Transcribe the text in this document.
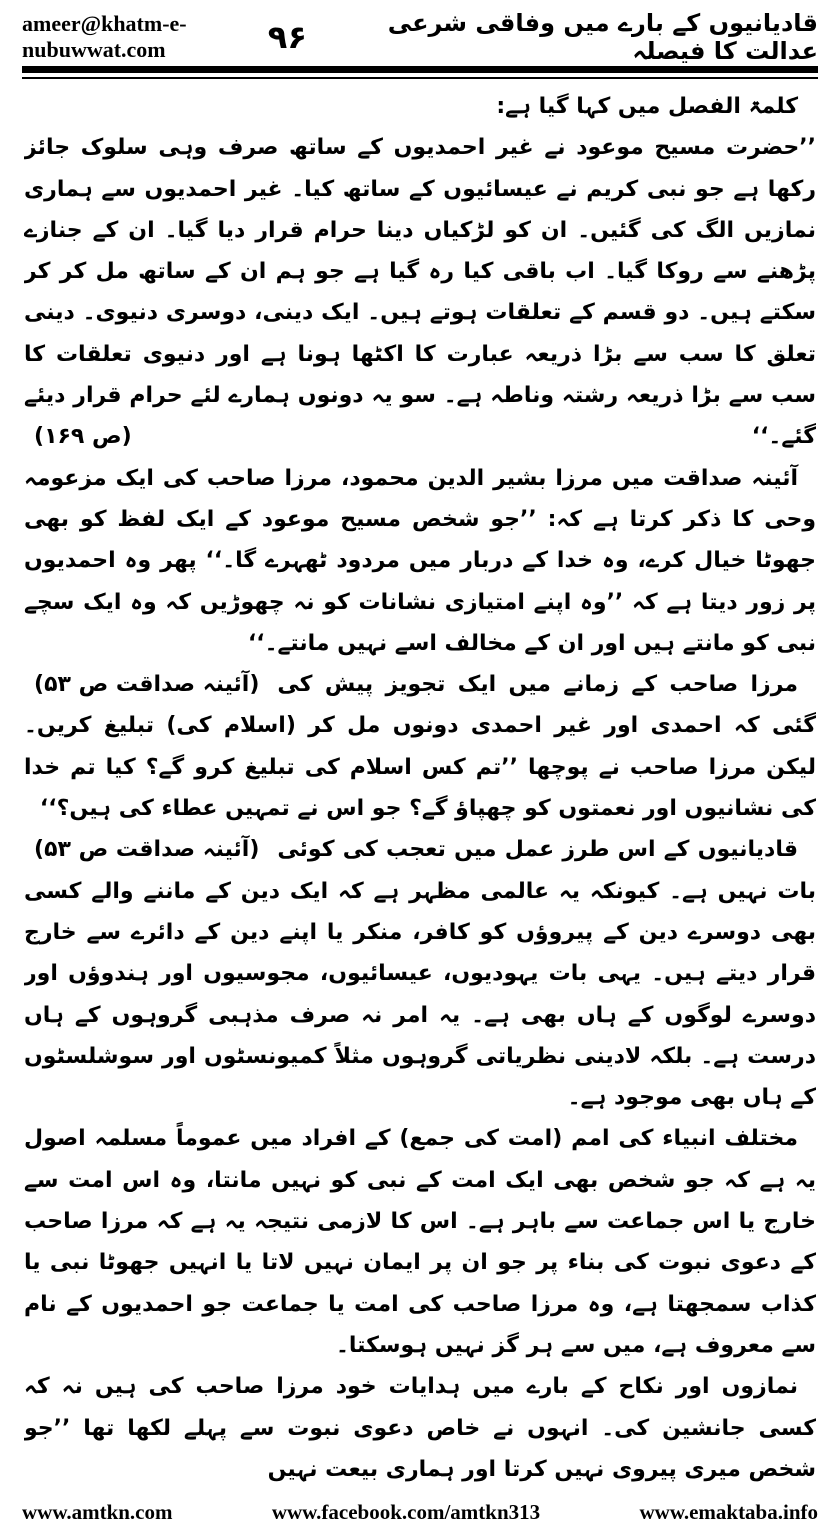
ameer@khatm-e-nubuwwat.com	۹۶	قادیانیوں کے بارے میں وفاقی شرعی عدالت کا فیصلہ

کلمۃ الفصل میں کہا گیا ہے:

’’حضرت مسیح موعود نے غیر احمدیوں کے ساتھ صرف وہی سلوک جائز رکھا ہے جو نبی کریم نے عیسائیوں کے ساتھ کیا۔ غیر احمدیوں سے ہماری نمازیں الگ کی گئیں۔ ان کو لڑکیاں دینا حرام قرار دیا گیا۔ ان کے جنازے پڑھنے سے روکا گیا۔ اب باقی کیا رہ گیا ہے جو ہم ان کے ساتھ مل کر کر سکتے ہیں۔ دو قسم کے تعلقات ہوتے ہیں۔ ایک دینی، دوسری دنیوی۔ دینی تعلق کا سب سے بڑا ذریعہ عبارت کا اکٹھا ہونا ہے اور دنیوی تعلقات کا سب سے بڑا ذریعہ رشتہ وناطہ ہے۔ سو یہ دونوں ہمارے لئے حرام قرار دیئے گئے۔‘‘
(ص ۱۶۹)

آئینہ صداقت میں مرزا بشیر الدین محمود، مرزا صاحب کی ایک مزعومہ وحی کا ذکر کرتا ہے کہ: ’’جو شخص مسیح موعود کے ایک لفظ کو بھی جھوٹا خیال کرے، وہ خدا کے دربار میں مردود ٹھہرے گا۔‘‘ پھر وہ احمدیوں پر زور دیتا ہے کہ ’’وہ اپنے امتیازی نشانات کو نہ چھوڑیں کہ وہ ایک سچے نبی کو مانتے ہیں اور ان کے مخالف اسے نہیں مانتے۔‘‘
(آئینہ صداقت ص ۵۳) مرزا صاحب کے زمانے میں ایک تجویز پیش کی گئی کہ احمدی اور غیر احمدی دونوں مل کر (اسلام کی) تبلیغ کریں۔ لیکن مرزا صاحب نے پوچھا ’’تم کس اسلام کی تبلیغ کرو گے؟ کیا تم خدا کی نشانیوں اور نعمتوں کو چھپاؤ گے؟ جو اس نے تمہیں عطاء کی ہیں؟‘‘
(آئینہ صداقت ص ۵۳) قادیانیوں کے اس طرز عمل میں تعجب کی کوئی بات نہیں ہے۔ کیونکہ یہ عالمی مظہر ہے کہ ایک دین کے ماننے والے کسی بھی دوسرے دین کے پیروؤں کو کافر، منکر یا اپنے دین کے دائرے سے خارج قرار دیتے ہیں۔ یہی بات یہودیوں، عیسائیوں، مجوسیوں اور ہندوؤں اور دوسرے لوگوں کے ہاں بھی ہے۔ یہ امر نہ صرف مذہبی گروہوں کے ہاں درست ہے۔ بلکہ لادینی نظریاتی گروہوں مثلاً کمیونسٹوں اور سوشلسٹوں کے ہاں بھی موجود ہے۔

مختلف انبیاء کی امم (امت کی جمع) کے افراد میں عموماً مسلمہ اصول یہ ہے کہ جو شخص بھی ایک امت کے نبی کو نہیں مانتا، وہ اس امت سے خارج یا اس جماعت سے باہر ہے۔ اس کا لازمی نتیجہ یہ ہے کہ مرزا صاحب کے دعوی نبوت کی بناء پر جو ان پر ایمان نہیں لاتا یا انہیں جھوٹا نبی یا کذاب سمجھتا ہے، وہ مرزا صاحب کی امت یا جماعت جو احمدیوں کے نام سے معروف ہے، میں سے ہر گز نہیں ہوسکتا۔

نمازوں اور نکاح کے بارے میں ہدایات خود مرزا صاحب کی ہیں نہ کہ کسی جانشین کی۔ انہوں نے خاص دعوی نبوت سے پہلے لکھا تھا ’’جو شخص میری پیروی نہیں کرتا اور ہماری بیعت نہیں

www.amtkn.com	www.facebook.com/amtkn313	www.emaktaba.info
